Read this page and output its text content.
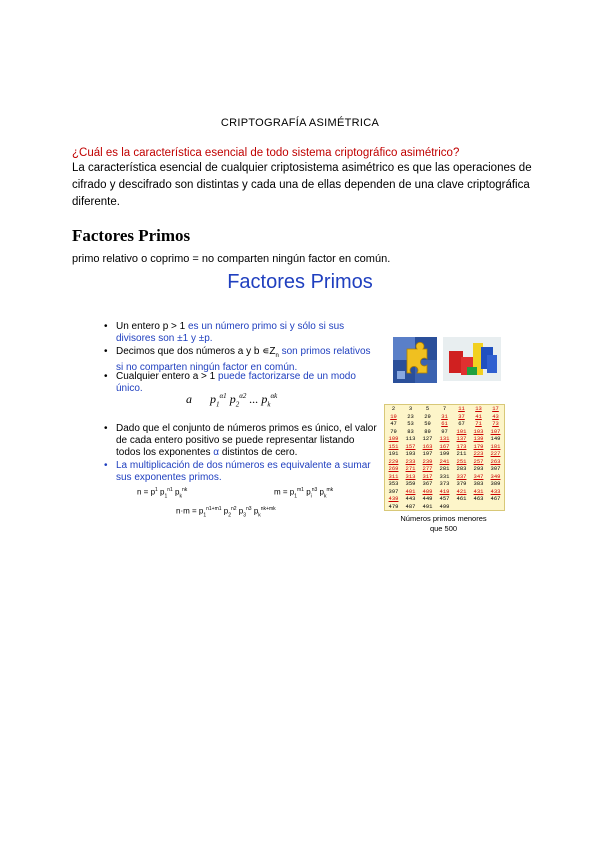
CRIPTOGRAFÍA ASIMÉTRICA
¿Cuál es la característica esencial de todo sistema criptográfico asimétrico?
La característica esencial de cualquier criptosistema asimétrico es que las operaciones de cifrado y descifrado son distintas y cada una de ellas dependen de una clave criptográfica diferente.
Factores Primos
primo relativo o coprimo = no comparten ningún factor en común.
Factores Primos
• Un entero p > 1 es un número primo si y sólo si sus divisores son ±1 y ±p.
• Decimos que dos números a y b $∊Z_n$ son primos relativos si no comparten ningún factor en común.
• Cualquier entero a > 1 puede factorizarse de un modo único.
a      $p_1^{\alpha 1}$ $p_2^{\alpha 2}$ ... $p_k^{\alpha k}$
• Dado que el conjunto de números primos es único, el valor de cada entero positivo se puede representar listando todos los exponentes α distintos de cero.
• La multiplicación de dos números es equivalente a sumar sus exponentes primos.
$n = p^1$ $p_1^{n1}$ $p_k^{nk}$	$m = p_1^{m1}$ $p_i^{n3}$ $p_k^{mk}$
$n\cdot m = p_1^{n1+m1}$ $p_2^{n2}$ $p_3^{n3}$ $p_k^{nk+mk}$
2	3	5	7	11	13	17
19	23	29	31	37	41	43
47	53	59	61	67	71	73
79	83	89	97	101	103	107
109	113	127	131	137	139	149
151	157	163	167	173	179	181
191	193	197	199	211	223	227
229	233	239	241	251	257	263
269	271	277	281	283	293	307
311	313	317	331	337	347	349
353	359	367	373	379	383	389
397	401	409	419	421	431	433
439	443	449	457	461	463	467
479	487	491	499			
Números primos menores
que 500
